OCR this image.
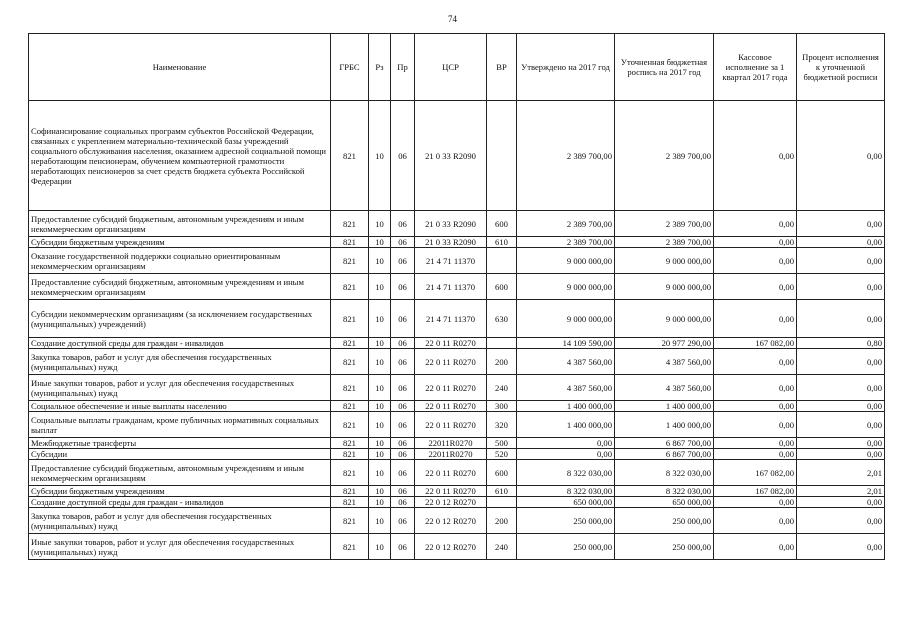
74
Наименование	ГРБС	Рз	Пр	ЦСР	ВР	Утверждено на 2017 год	Уточненная бюджетная роспись на 2017 год	Кассовое исполнение за 1 квартал 2017 года	Процент исполнения к уточненной бюджетной росписи
Софинансирование социальных программ субъектов Российской Федерации, связанных с укреплением материально-технической базы учреждений социального обслуживания населения, оказанием адресной социальной помощи неработающим пенсионерам, обучением компьютерной грамотности неработающих пенсионеров за счет средств бюджета субъекта Российской Федерации	821	10	06	21 0 33 R2090		2 389 700,00	2 389 700,00	0,00	0,00
Предоставление субсидий бюджетным, автономным учреждениям и иным некоммерческим организациям	821	10	06	21 0 33 R2090	600	2 389 700,00	2 389 700,00	0,00	0,00
Субсидии бюджетным учреждениям	821	10	06	21 0 33 R2090	610	2 389 700,00	2 389 700,00	0,00	0,00
Оказание государственной поддержки социально ориентированным некоммерческим организациям	821	10	06	21 4 71 11370		9 000 000,00	9 000 000,00	0,00	0,00
Предоставление субсидий бюджетным, автономным учреждениям и иным некоммерческим организациям	821	10	06	21 4 71 11370	600	9 000 000,00	9 000 000,00	0,00	0,00
Субсидии некоммерческим организациям (за исключением государственных (муниципальных) учреждений)	821	10	06	21 4 71 11370	630	9 000 000,00	9 000 000,00	0,00	0,00
Создание доступной среды для граждан - инвалидов	821	10	06	22 0 11 R0270		14 109 590,00	20 977 290,00	167 082,00	0,80
Закупка товаров, работ и услуг для обеспечения государственных (муниципальных) нужд	821	10	06	22 0 11 R0270	200	4 387 560,00	4 387 560,00	0,00	0,00
Иные закупки товаров, работ и услуг для обеспечения государственных (муниципальных) нужд	821	10	06	22 0 11 R0270	240	4 387 560,00	4 387 560,00	0,00	0,00
Социальное обеспечение и иные выплаты населению	821	10	06	22 0 11 R0270	300	1 400 000,00	1 400 000,00	0,00	0,00
Социальные выплаты гражданам, кроме публичных нормативных социальных выплат	821	10	06	22 0 11 R0270	320	1 400 000,00	1 400 000,00	0,00	0,00
Межбюджетные трансферты	821	10	06	22011R0270	500	0,00	6 867 700,00	0,00	0,00
Субсидии	821	10	06	22011R0270	520	0,00	6 867 700,00	0,00	0,00
Предоставление субсидий бюджетным, автономным учреждениям и иным некоммерческим организациям	821	10	06	22 0 11 R0270	600	8 322 030,00	8 322 030,00	167 082,00	2,01
Субсидии бюджетным учреждениям	821	10	06	22 0 11 R0270	610	8 322 030,00	8 322 030,00	167 082,00	2,01
Создание доступной среды для граждан - инвалидов	821	10	06	22 0 12 R0270		650 000,00	650 000,00	0,00	0,00
Закупка товаров, работ и услуг для обеспечения государственных (муниципальных) нужд	821	10	06	22 0 12 R0270	200	250 000,00	250 000,00	0,00	0,00
Иные закупки товаров, работ и услуг для обеспечения государственных (муниципальных) нужд	821	10	06	22 0 12 R0270	240	250 000,00	250 000,00	0,00	0,00
